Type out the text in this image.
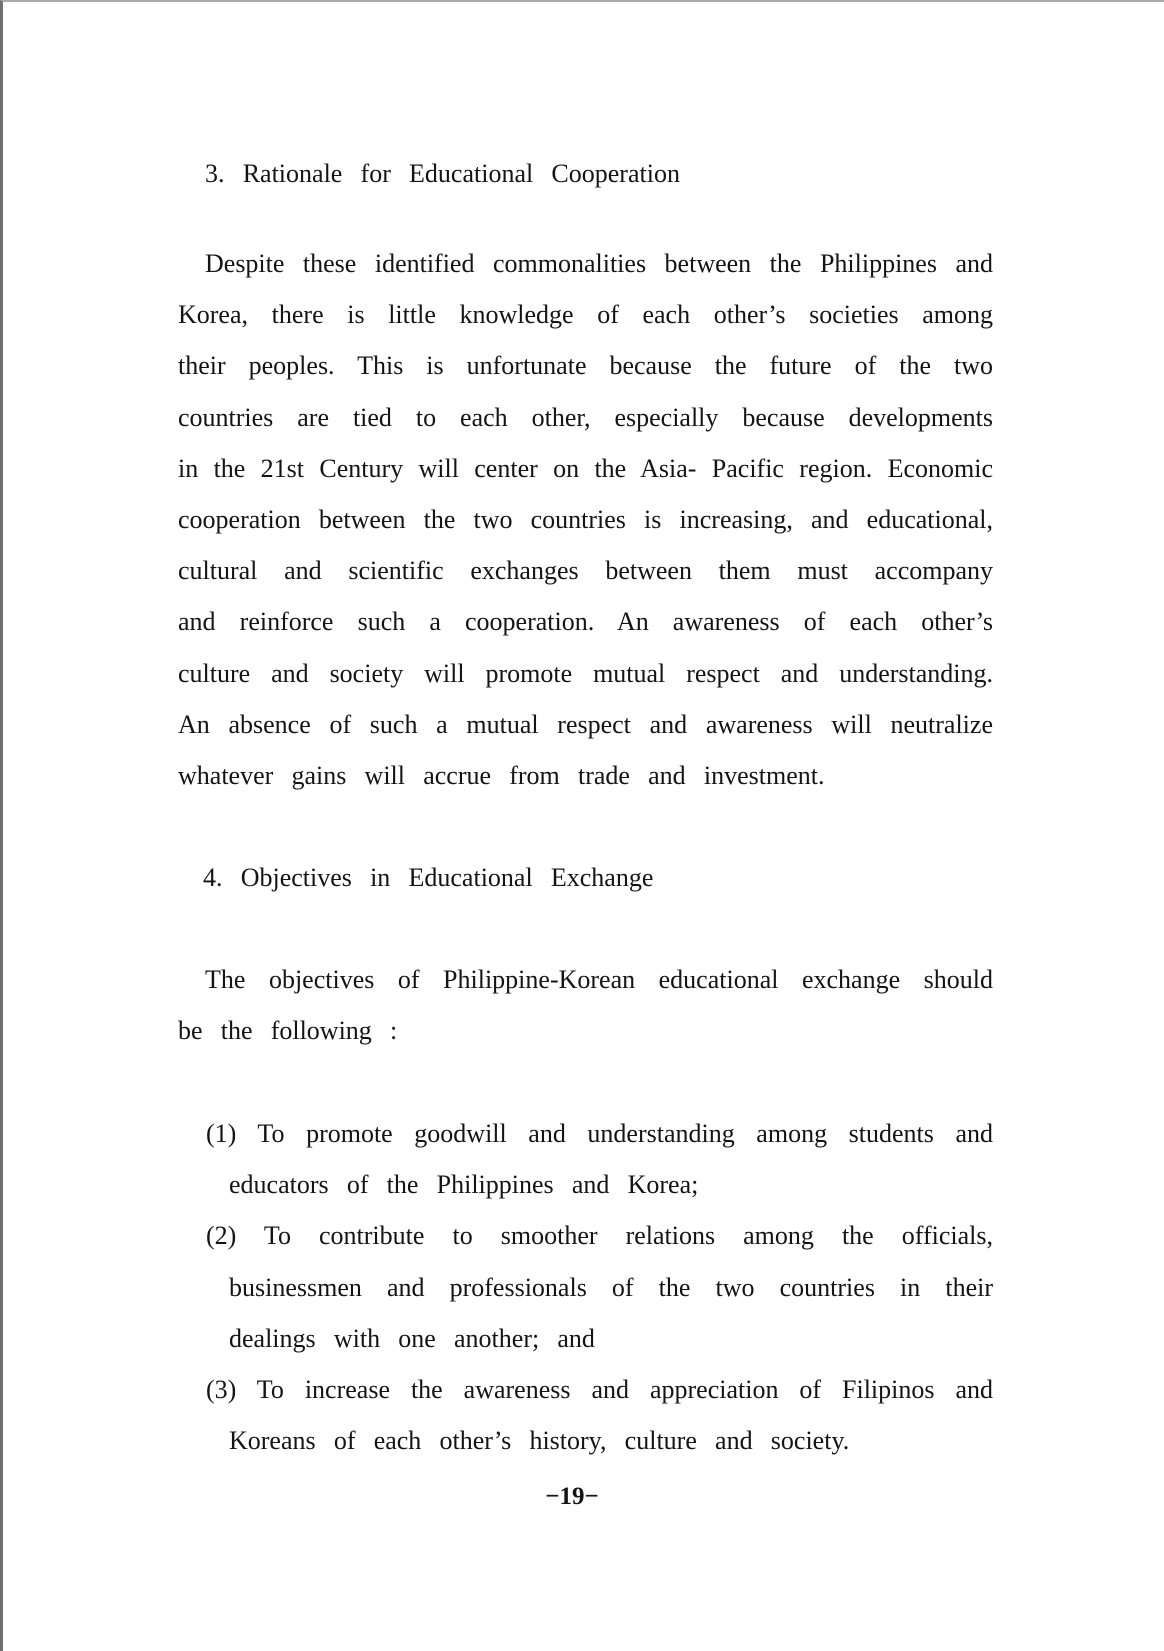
3. Rationale for Educational Cooperation
Despite these identified commonalities between the Philippines and
Korea, there is little knowledge of each other’s societies among
their peoples. This is unfortunate because the future of the two
countries are tied to each other, especially because developments
in the 21st Century will center on the Asia- Pacific region. Economic
cooperation between the two countries is increasing, and educational,
cultural and scientific exchanges between them must accompany
and reinforce such a cooperation. An awareness of each other’s
culture and society will promote mutual respect and understanding.
An absence of such a mutual respect and awareness will neutralize
whatever gains will accrue from trade and investment.
4. Objectives in Educational Exchange
The objectives of Philippine-Korean educational exchange should
be the following :
(1) To promote goodwill and understanding among students and
educators of the Philippines and Korea;
(2) To contribute to smoother relations among the officials,
businessmen and professionals of the two countries in their
dealings with one another; and
(3) To increase the awareness and appreciation of Filipinos and
Koreans of each other’s history, culture and society.
−19−
